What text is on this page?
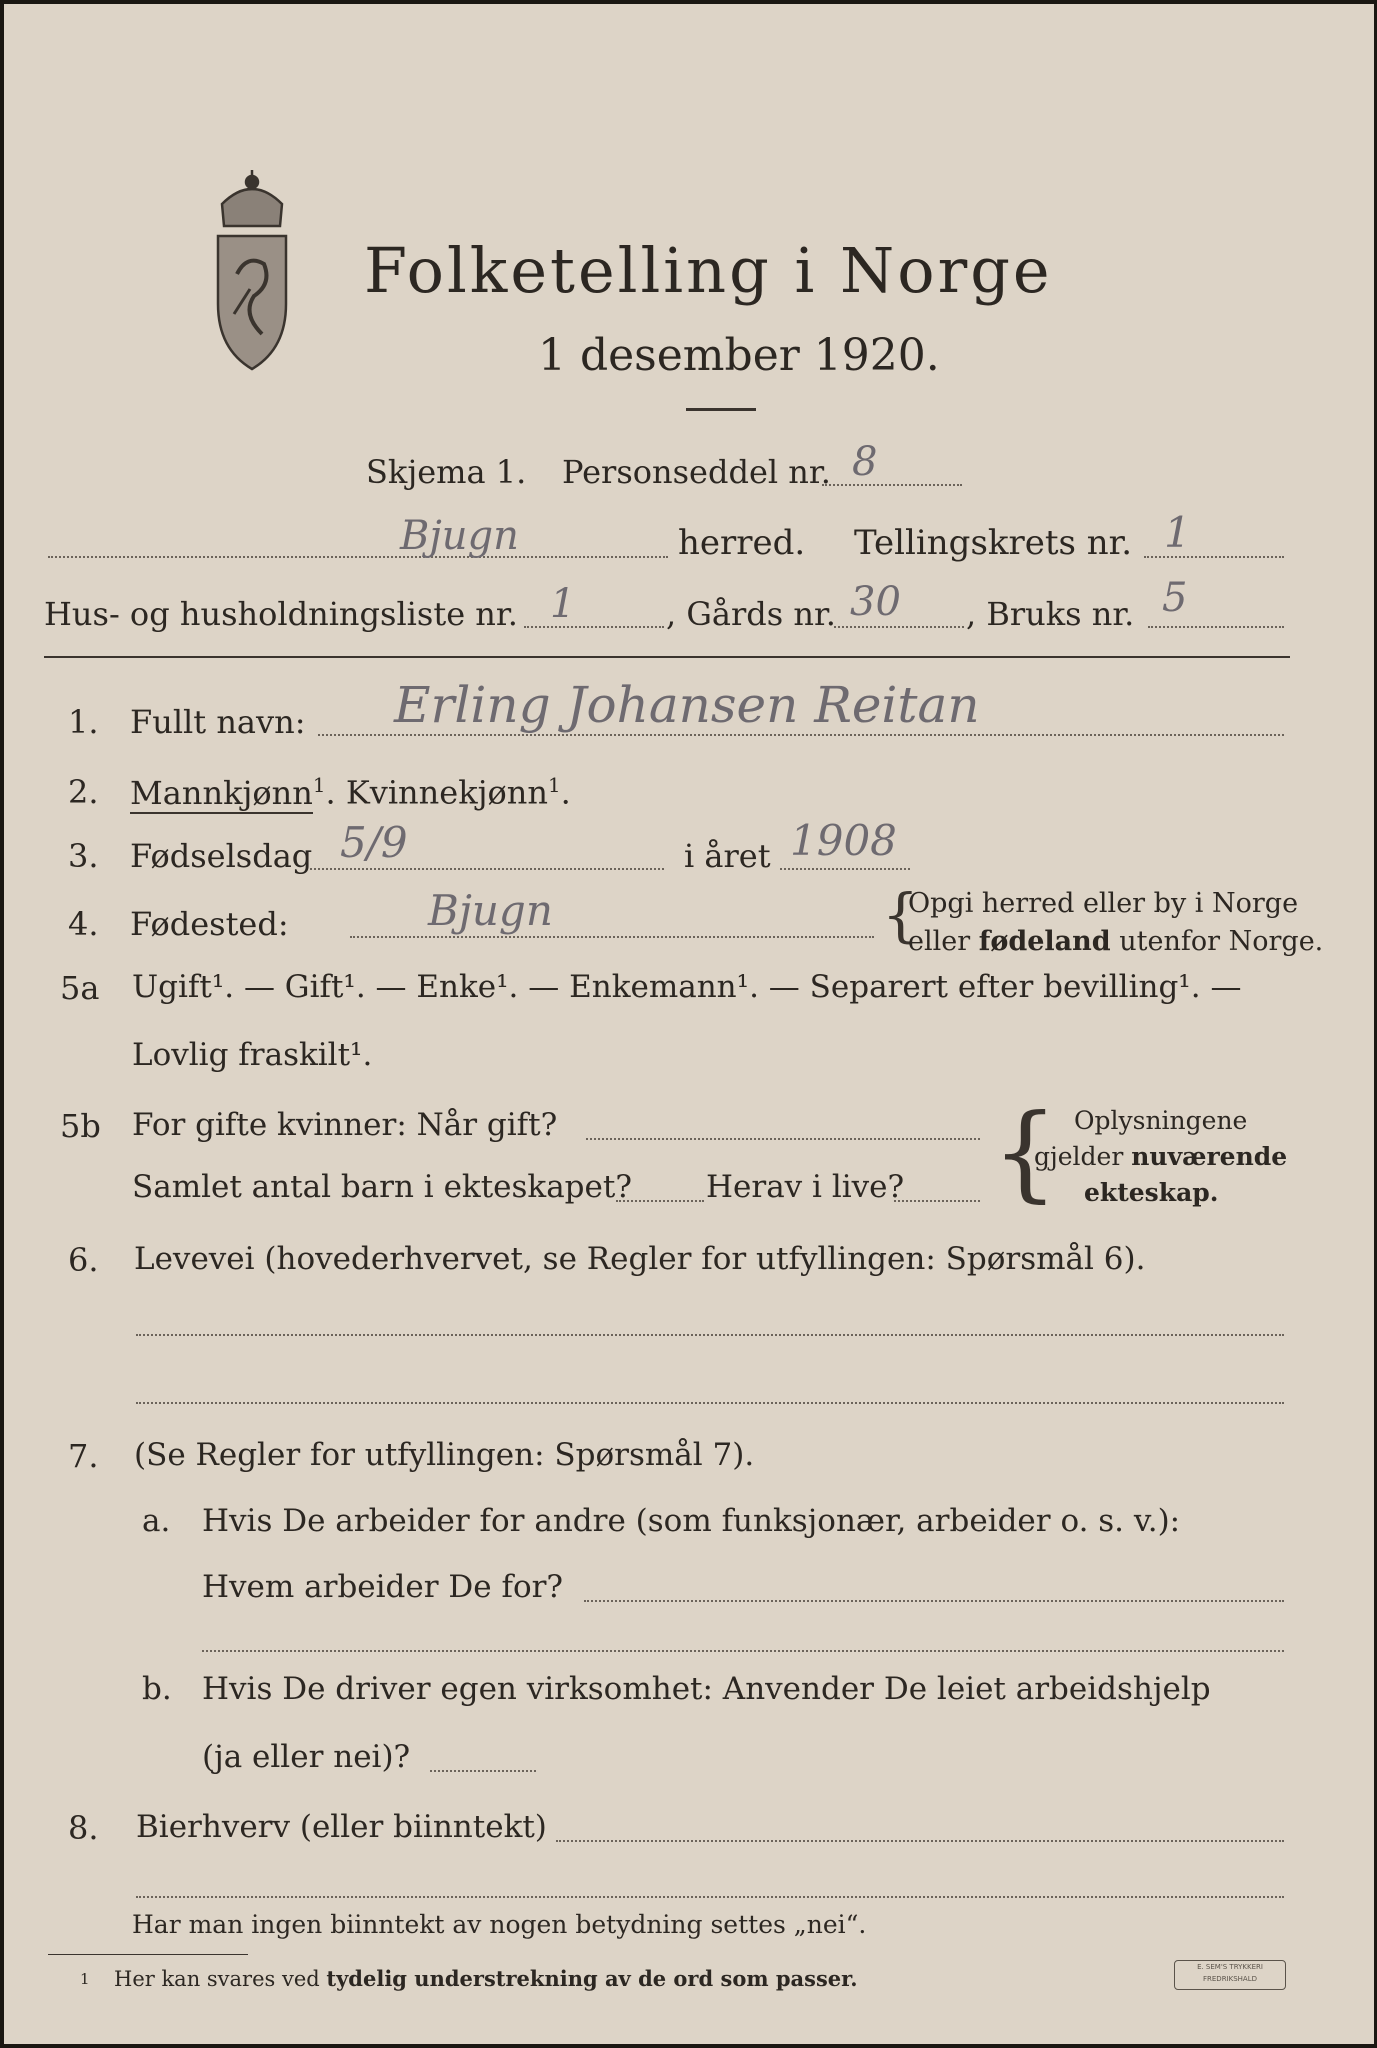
Folketelling i Norge
1 desember 1920.
Skjema 1. Personseddel nr. 8
Bjugn	herred. Tellingskrets nr. 1
Hus- og husholdningsliste nr. 1	, Gårds nr. 30 , Bruks nr. 5
1. Fullt navn: Erling Johansen Reitan
2. Mannkjønn$^1$. Kvinnekjønn$^1$.
3. Fødselsdag 5/9	i året 1908
4. Fødested:	Bjugn	{
Opgi herred eller by i Norge
eller fødeland utenfor Norge.
5a Ugift¹. — Gift¹. — Enke¹. — Enkemann¹. — Separert efter bevilling¹. —
Lovlig fraskilt¹.
5b For gifte kvinner: Når gift?
Samlet antal barn i ekteskapet? Herav i live? { Oplysningene
gjelder nuværende
ekteskap.
6. Levevei (hovederhvervet, se Regler for utfyllingen: Spørsmål 6).
7. (Se Regler for utfyllingen: Spørsmål 7).
a. Hvis De arbeider for andre (som funksjonær, arbeider o. s. v.):
Hvem arbeider De for?
b. Hvis De driver egen virksomhet: Anvender De leiet arbeidshjelp
(ja eller nei)?
8. Bierhverv (eller biinntekt)
Har man ingen biinntekt av nogen betydning settes „nei“.
1 Her kan svares ved tydelig understrekning av de ord som passer.	E. SEM'S TRYKKERI
FREDRIKSHALD
